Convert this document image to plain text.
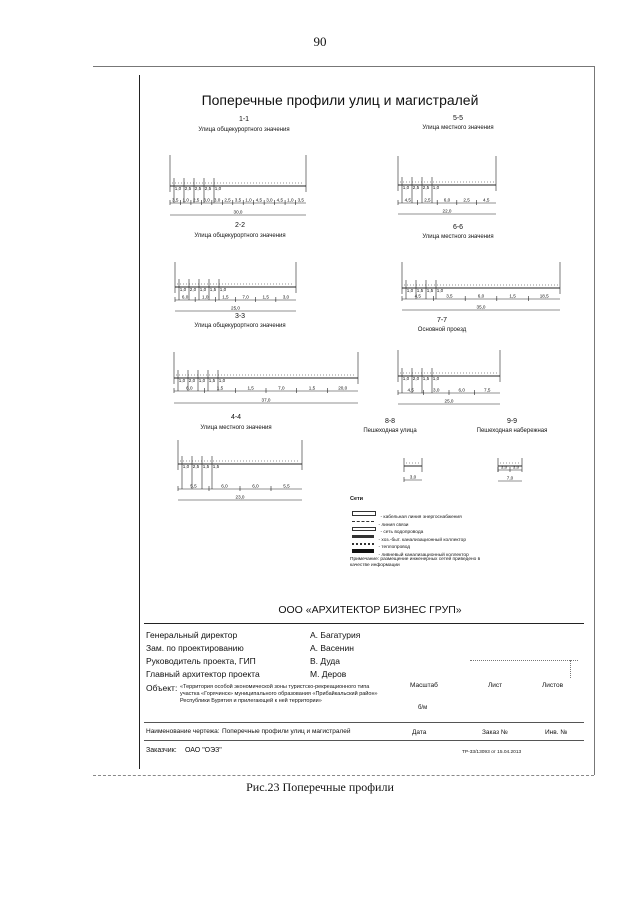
90
Поперечные профили улиц и магистралей
1-1
Улица общекурортного значения
2-2
Улица общекурортного значения
3-3
Улица общекурортного значения
4-4
Улица местного значения
5-5
Улица местного значения
6-6
Улица местного значения
7-7
Основной проезд
8-8
Пешеходная улица
9-9
Пешеходная набережная
1,0 2,5 2,5 2,5 1,0
3,5 1,0 2,5 3,0 3,0 2,5 3,5 1,0 4,5 3,0 4,5 1,0 3,5
30,0
1,0 2,0 1,0 1,5 1,0
6,0	1,0	1,5	7,0	1,5	3,0
25,0
1,0 2,0 1,0 1,5 1,0
6,0	1,5	1,5	7,0	1,5	20,0
37,0
1,0 2,5 1,5 1,5
5,5	6,0	6,0	5,5
23,0
1,0 2,5 2,5 1,0
4,5	2,5	6,0	2,5	4,5
22,0
1,0 1,5 1,5 1,0
4,5	3,5	6,0	1,5	18,5
35,0
1,0 2,0 1,5 1,0
4,5	3,0	6,0	7,5
25,0
3,0
3,0 3,0
7,0
Сети
- кабельная линия энергоснабжения
- линия связи
- сеть водопровода
- хоз.-быт. канализационный коллектор
- теплопровод
- ливневый канализационный коллектор
Примечание: размещение инженерных сетей приведено в качестве информации
ООО «АРХИТЕКТОР БИЗНЕС ГРУП»
Генеральный директор	А. Багатурия
Зам. по проектированию	А. Васенин
Руководитель проекта, ГИП	В. Дуда
Главный архитектор проекта	М. Деров
Объект: «Территория особой экономической зоны туристско-рекреационного типа участка «Горячинск» муниципального образования «Прибайкальский район» Республики Бурятия и прилегающей к ней территории»
Масштаб	Лист	Листов
б/м
Наименование чертежа: Поперечные профили улиц и магистралей	Дата	Заказ №	Инв. №
Заказчик: ОАО "ОЭЗ"	ТР-33/13093 от 15.04.2013
Рис.23 Поперечные профили
